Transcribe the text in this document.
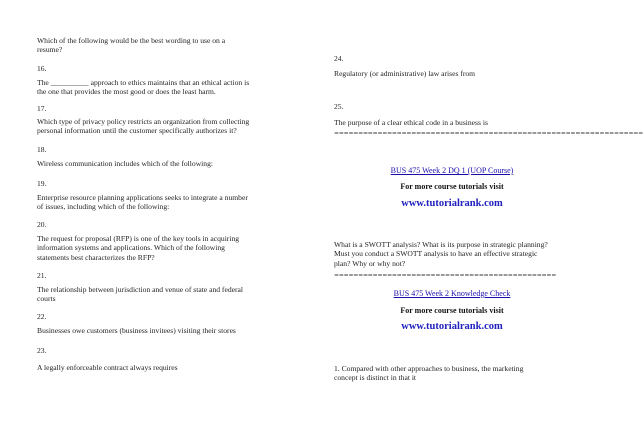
Which of the following would be the best wording to use on a
resume?

16.

The __________ approach to ethics maintains that an ethical action is
the one that provides the most good or does the least harm.

17.

Which type of privacy policy restricts an organization from collecting
personal information until the customer specifically authorizes it?

18.

Wireless communication includes which of the following:

19.

Enterprise resource planning applications seeks to integrate a number
of issues, including which of the following:

20.

The request for proposal (RFP) is one of the key tools in acquiring
information systems and applications. Which of the following
statements best characterizes the RFP?

21.

The relationship between jurisdiction and venue of state and federal
courts

22.

Businesses owe customers (business invitees) visiting their stores

23.

A legally enforceable contract always requires

24.

Regulatory (or administrative) law arises from

25.

The purpose of a clear ethical code in a business is

================================================================
BUS 475 Week 2 DQ 1 (UOP Course)
For more course tutorials visit
www.tutorialrank.com

What is a SWOTT analysis? What is its purpose in strategic planning?
Must you conduct a SWOTT analysis to have an effective strategic
plan? Why or why not?

==============================================
BUS 475 Week 2 Knowledge Check
For more course tutorials visit
www.tutorialrank.com

1. Compared with other approaches to business, the marketing
concept is distinct in that it
